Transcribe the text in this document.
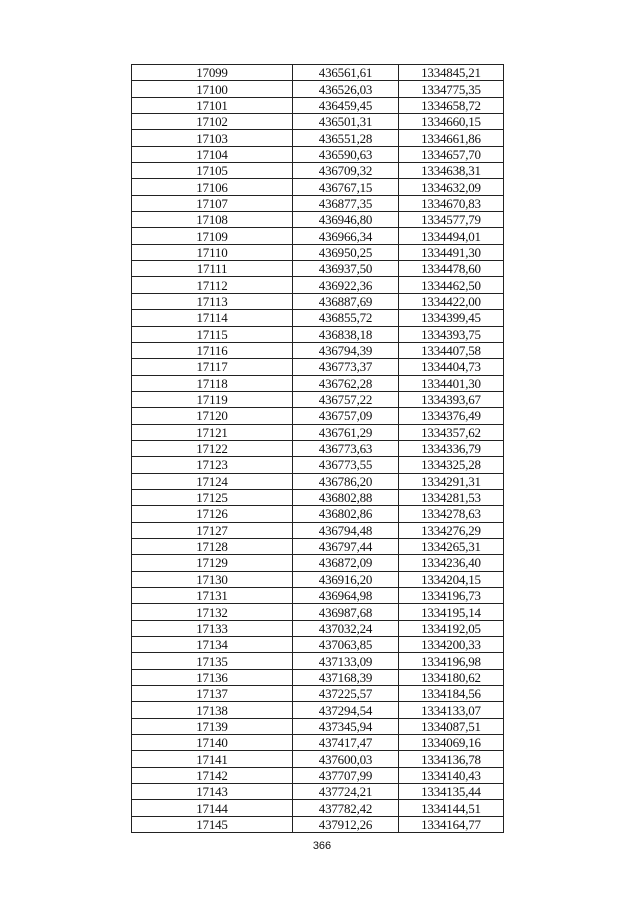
17099	436561,61	1334845,21
17100	436526,03	1334775,35
17101	436459,45	1334658,72
17102	436501,31	1334660,15
17103	436551,28	1334661,86
17104	436590,63	1334657,70
17105	436709,32	1334638,31
17106	436767,15	1334632,09
17107	436877,35	1334670,83
17108	436946,80	1334577,79
17109	436966,34	1334494,01
17110	436950,25	1334491,30
17111	436937,50	1334478,60
17112	436922,36	1334462,50
17113	436887,69	1334422,00
17114	436855,72	1334399,45
17115	436838,18	1334393,75
17116	436794,39	1334407,58
17117	436773,37	1334404,73
17118	436762,28	1334401,30
17119	436757,22	1334393,67
17120	436757,09	1334376,49
17121	436761,29	1334357,62
17122	436773,63	1334336,79
17123	436773,55	1334325,28
17124	436786,20	1334291,31
17125	436802,88	1334281,53
17126	436802,86	1334278,63
17127	436794,48	1334276,29
17128	436797,44	1334265,31
17129	436872,09	1334236,40
17130	436916,20	1334204,15
17131	436964,98	1334196,73
17132	436987,68	1334195,14
17133	437032,24	1334192,05
17134	437063,85	1334200,33
17135	437133,09	1334196,98
17136	437168,39	1334180,62
17137	437225,57	1334184,56
17138	437294,54	1334133,07
17139	437345,94	1334087,51
17140	437417,47	1334069,16
17141	437600,03	1334136,78
17142	437707,99	1334140,43
17143	437724,21	1334135,44
17144	437782,42	1334144,51
17145	437912,26	1334164,77
366
